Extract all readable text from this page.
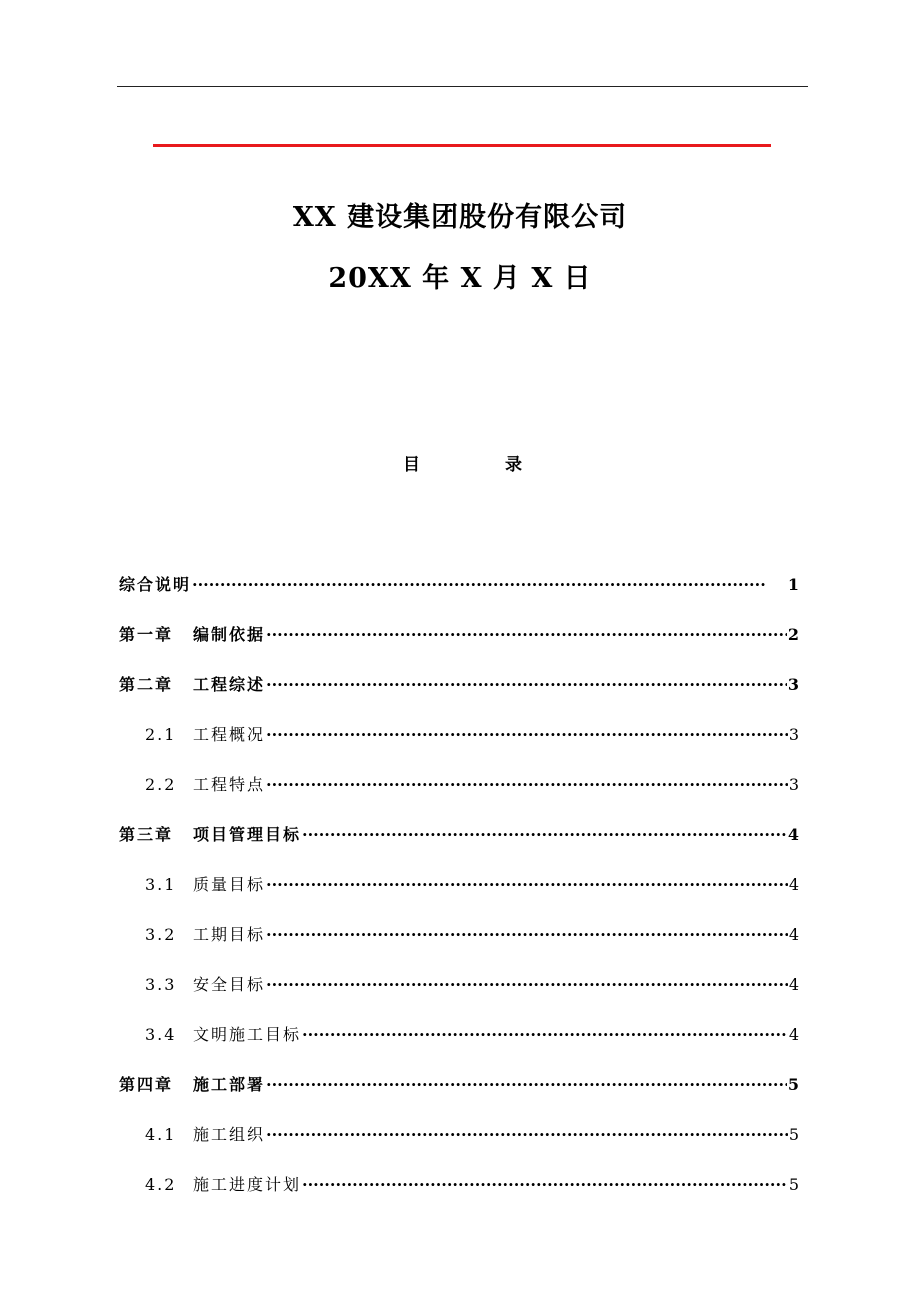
XX 建设集团股份有限公司
20XX 年 X 月 X 日
目	录
综合说明 ·····	1
第一章 编制依据 ·····	2
第二章 工程综述 ·····	3
2.1 工程概况 ·····	3
2.2 工程特点 ·····	3
第三章 项目管理目标 ·····	4
3.1 质量目标 ·····	4
3.2 工期目标 ·····	4
3.3 安全目标 ·····	4
3.4 文明施工目标 ·····	4
第四章 施工部署 ·····	5
4.1 施工组织 ·····	5
4.2 施工进度计划 ·····	5
